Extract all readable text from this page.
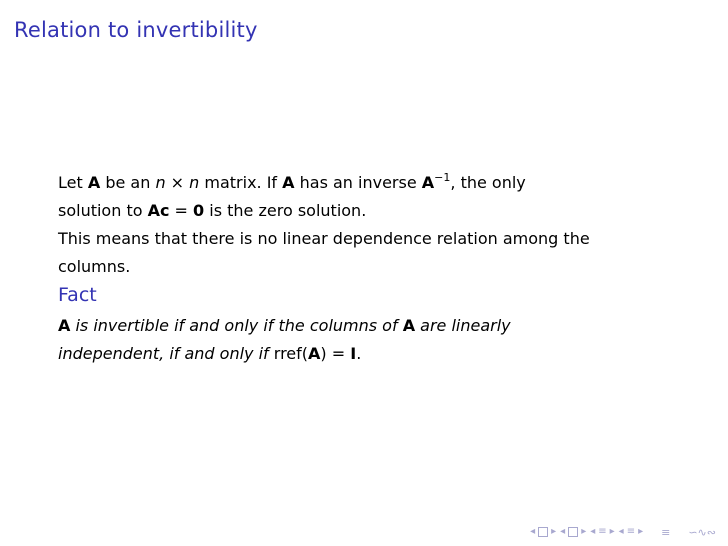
Relation to invertibility
Let A be an n × n matrix. If A has an inverse $A^{-1}$, the only
solution to Ac = 0 is the zero solution.
This means that there is no linear dependence relation among the
columns.
Fact
A is invertible if and only if the columns of A are linearly
independent, if and only if rref(A) = I.
◂ ▸ ◂ ▸ ◂ ≡ ▸ ◂ ≡ ▸ ≡ ∽∿∾
